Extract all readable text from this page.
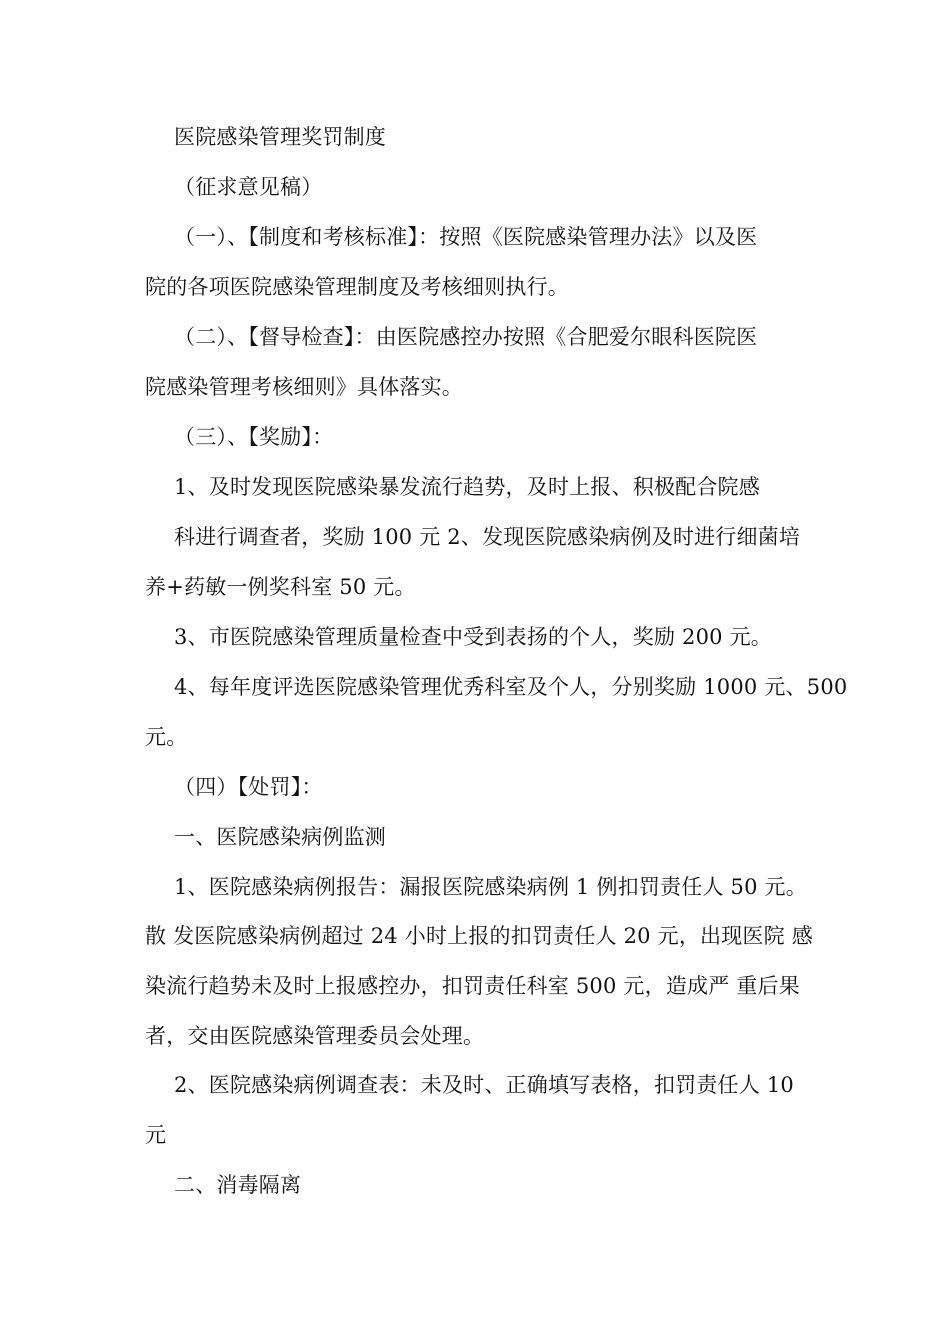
医院感染管理奖罚制度
（征求意见稿）
（一）、【制度和考核标准】：按照《医院感染管理办法》以及医
院的各项医院感染管理制度及考核细则执行。
（二）、【督导检查】：由医院感控办按照《合肥爱尔眼科医院医
院感染管理考核细则》具体落实。
（三）、【奖励】：
1、及时发现医院感染暴发流行趋势，及时上报、积极配合院感
科进行调查者，奖励 100 元 2、发现医院感染病例及时进行细菌培
养+药敏一例奖科室 50 元。
3、市医院感染管理质量检查中受到表扬的个人，奖励 200 元。
4、每年度评选医院感染管理优秀科室及个人，分别奖励 1000 元、500
元。
（四）【处罚】：
一、医院感染病例监测
1、医院感染病例报告：漏报医院感染病例 1 例扣罚责任人 50 元。
散 发医院感染病例超过 24 小时上报的扣罚责任人 20 元，出现医院 感
染流行趋势未及时上报感控办，扣罚责任科室 500 元，造成严 重后果
者，交由医院感染管理委员会处理。
2、医院感染病例调查表：未及时、正确填写表格，扣罚责任人 10
元
二、消毒隔离
